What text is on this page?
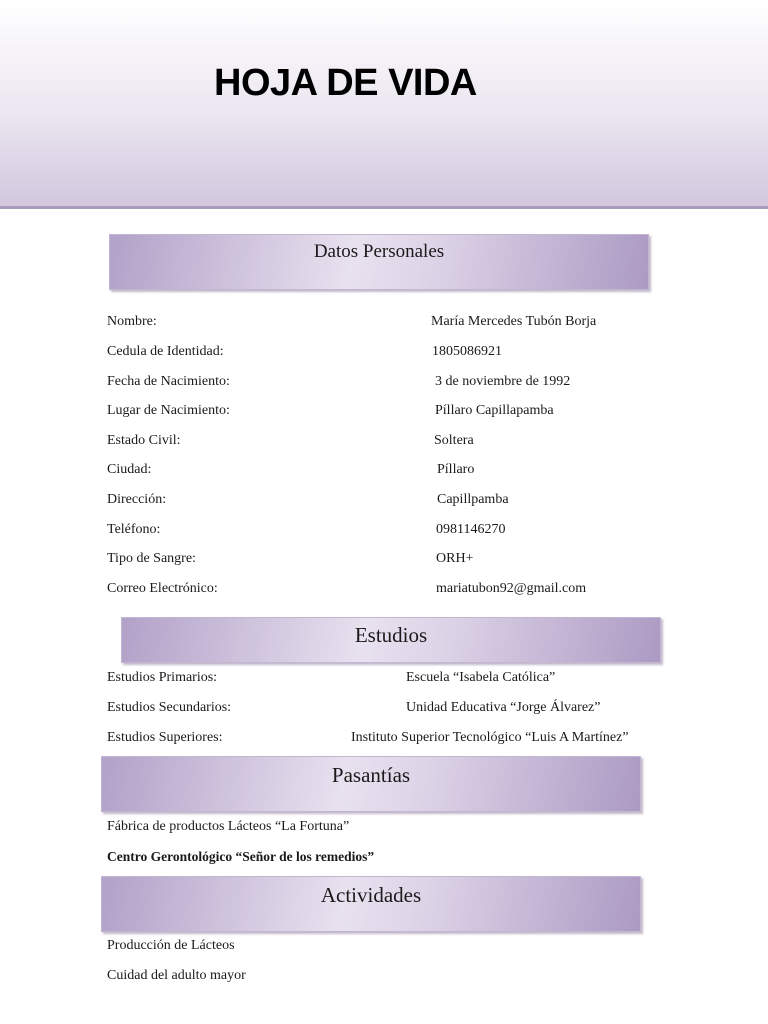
HOJA DE VIDA
Datos Personales
Nombre:	María Mercedes Tubón Borja
Cedula de Identidad:	1805086921
Fecha de Nacimiento:	3 de noviembre de 1992
Lugar de Nacimiento:	Píllaro Capillapamba
Estado Civil:	Soltera
Ciudad:	Píllaro
Dirección:	Capillpamba
Teléfono:	0981146270
Tipo de Sangre:	ORH+
Correo Electrónico:	mariatubon92@gmail.com
Estudios
Estudios Primarios:	Escuela “Isabela Católica”
Estudios Secundarios:	Unidad Educativa “Jorge Álvarez”
Estudios Superiores:	Instituto Superior Tecnológico “Luis A Martínez”
Pasantías
Fábrica de productos Lácteos “La Fortuna”
Centro Gerontológico “Señor de los remedios”
Actividades
Producción de Lácteos
Cuidad del adulto mayor
